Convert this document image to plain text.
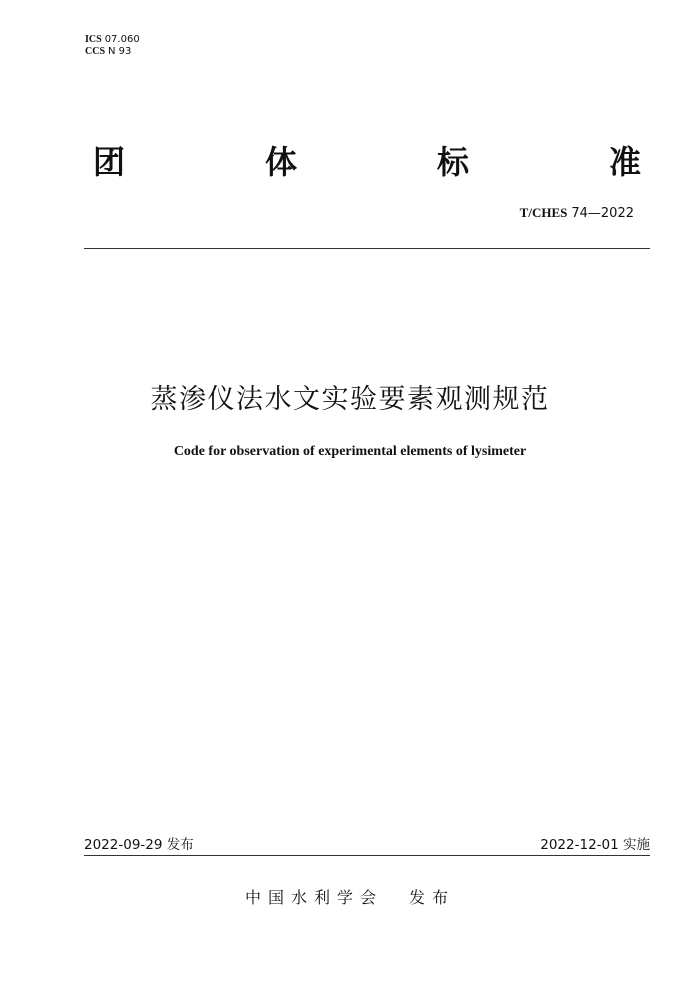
ICS 07.060
CCS N 93
团	体	标	准
T/CHES 74—2022
蒸渗仪法水文实验要素观测规范
Code for observation of experimental elements of lysimeter
2022-09-29 发布	2022-12-01 实施
中国水利学会 发布
